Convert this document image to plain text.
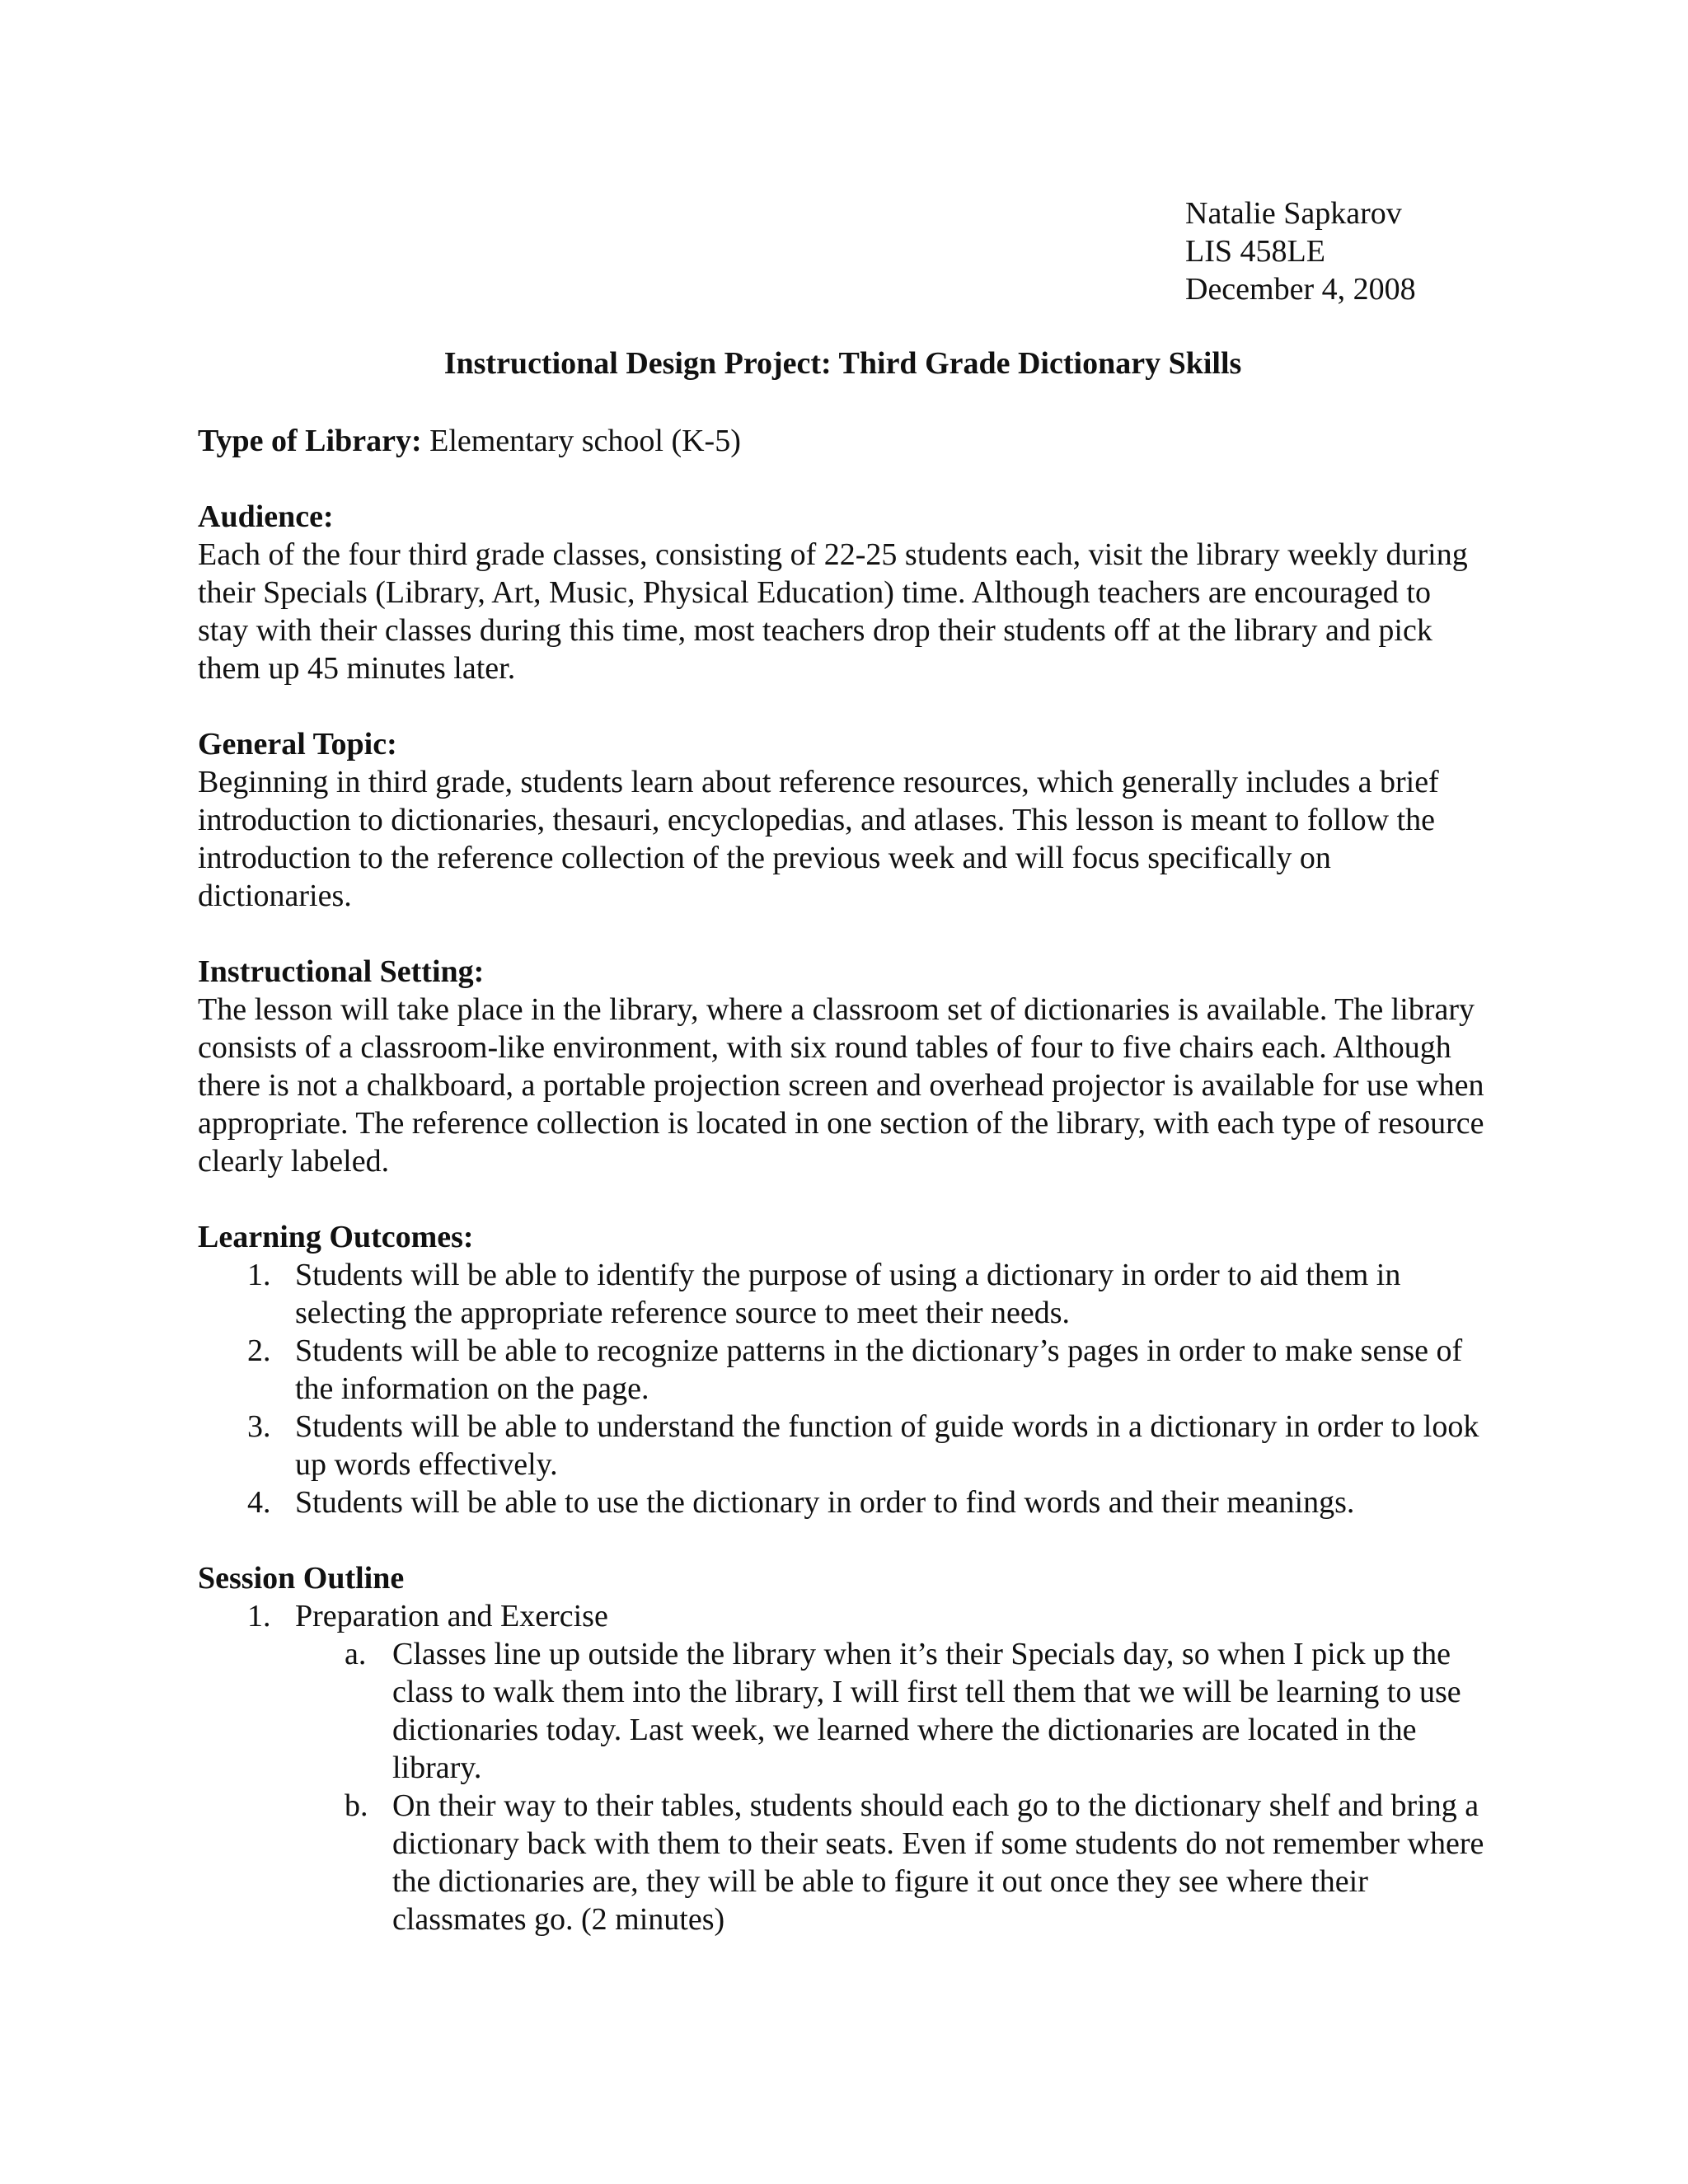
Natalie Sapkarov
LIS 458LE
December 4, 2008
Instructional Design Project: Third Grade Dictionary Skills

Type of Library: Elementary school (K-5)

Audience:

Each of the four third grade classes, consisting of 22-25 students each, visit the library weekly during their Specials (Library, Art, Music, Physical Education) time. Although teachers are encouraged to stay with their classes during this time, most teachers drop their students off at the library and pick them up 45 minutes later.

General Topic:

Beginning in third grade, students learn about reference resources, which generally includes a brief introduction to dictionaries, thesauri, encyclopedias, and atlases. This lesson is meant to follow the introduction to the reference collection of the previous week and will focus specifically on dictionaries.

Instructional Setting:

The lesson will take place in the library, where a classroom set of dictionaries is available. The library consists of a classroom-like environment, with six round tables of four to five chairs each. Although there is not a chalkboard, a portable projection screen and overhead projector is available for use when appropriate. The reference collection is located in one section of the library, with each type of resource clearly labeled.

Learning Outcomes:
1. Students will be able to identify the purpose of using a dictionary in order to aid them in selecting the appropriate reference source to meet their needs.
2. Students will be able to recognize patterns in the dictionary’s pages in order to make sense of the information on the page.
3. Students will be able to understand the function of guide words in a dictionary in order to look up words effectively.
4. Students will be able to use the dictionary in order to find words and their meanings.
Session Outline
1. Preparation and Exercise
a. Classes line up outside the library when it’s their Specials day, so when I pick up the class to walk them into the library, I will first tell them that we will be learning to use dictionaries today. Last week, we learned where the dictionaries are located in the library.
b. On their way to their tables, students should each go to the dictionary shelf and bring a dictionary back with them to their seats. Even if some students do not remember where the dictionaries are, they will be able to figure it out once they see where their classmates go. (2 minutes)
